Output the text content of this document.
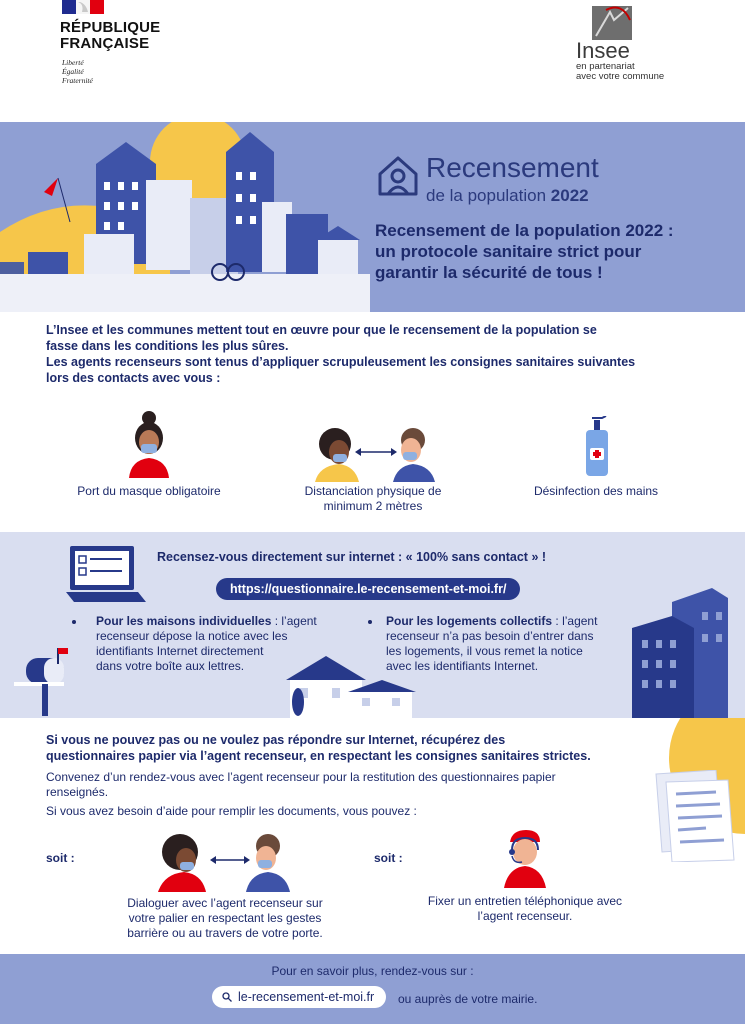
RÉPUBLIQUE
FRANÇAISE
Liberté
Égalité
Fraternité
Insee
en partenariat
avec votre commune
Recensement
de la population 2022
Recensement de la population 2022 :
un protocole sanitaire strict pour
garantir la sécurité de tous !
L’Insee et les communes mettent tout en œuvre pour que le recensement de la population se
fasse dans les conditions les plus sûres.
Les agents recenseurs sont tenus d’appliquer scrupuleusement les consignes sanitaires suivantes
lors des contacts avec vous :
Port du masque obligatoire	Distanciation physique de
minimum 2 mètres
Désinfection des mains
Recensez-vous directement sur internet : « 100% sans contact » !
https://questionnaire.le-recensement-et-moi.fr/
Pour les maisons individuelles : l’agent
recenseur dépose la notice avec les
identifiants Internet directement
dans votre boîte aux lettres.
Pour les logements collectifs : l’agent
recenseur n’a pas besoin d’entrer dans
les logements, il vous remet la notice
avec les identifiants Internet.
Si vous ne pouvez pas ou ne voulez pas répondre sur Internet, récupérez des
questionnaires papier via l’agent recenseur, en respectant les consignes sanitaires strictes.
Convenez d’un rendez-vous avec l’agent recenseur pour la restitution des questionnaires papier
renseignés.
Si vous avez besoin d’aide pour remplir les documents, vous pouvez :
soit :
Dialoguer avec l’agent recenseur sur
votre palier en respectant les gestes
barrière ou au travers de votre porte.
soit :
Fixer un entretien téléphonique avec
l’agent recenseur.
Pour en savoir plus, rendez-vous sur :
le-recensement-et-moi.fr ou auprès de votre mairie.
